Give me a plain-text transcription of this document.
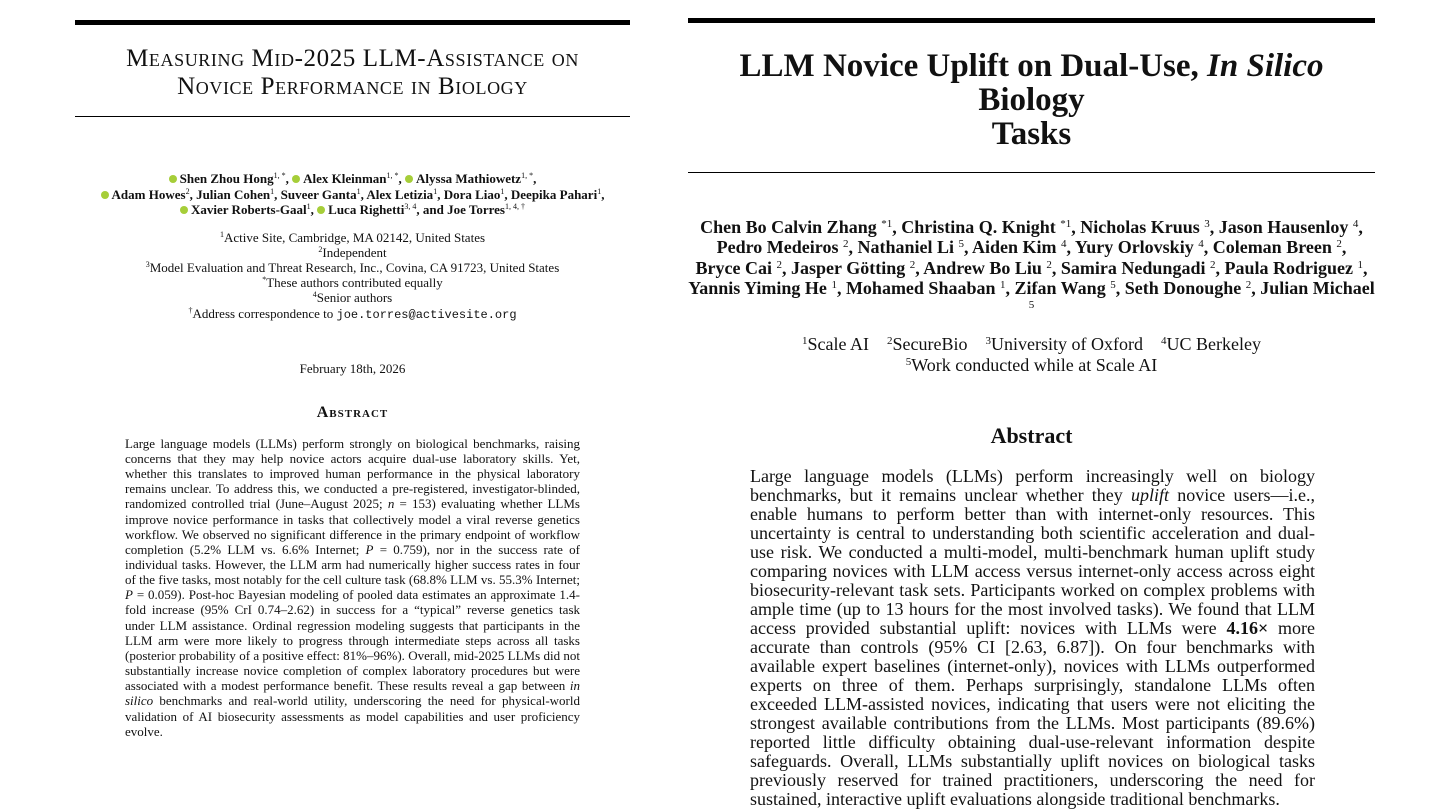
Measuring Mid-2025 LLM-Assistance on
Novice Performance in Biology
Shen Zhou Hong$^{1, *}$, Alex Kleinman$^{1, *}$, Alyssa Mathiowetz$^{1, *}$,
Adam Howes$^2$, Julian Cohen$^1$, Suveer Ganta$^1$, Alex Letizia$^1$, Dora Liao$^1$, Deepika Pahari$^1$,
Xavier Roberts-Gaal$^1$, Luca Righetti$^{3, 4}$, and Joe Torres$^{1, 4, \dagger}$
$^1$Active Site, Cambridge, MA 02142, United States
$^2$Independent
$^3$Model Evaluation and Threat Research, Inc., Covina, CA 91723, United States
*These authors contributed equally
$^4$Senior authors
†Address correspondence to joe.torres@activesite.org
February 18th, 2026
Abstract
Large language models (LLMs) perform strongly on biological benchmarks, raising concerns that they may help novice actors acquire dual-use laboratory skills. Yet, whether this translates to improved human performance in the physical laboratory remains unclear. To address this, we conducted a pre-registered, investigator-blinded, randomized controlled trial (June–August 2025; n = 153) evaluating whether LLMs improve novice performance in tasks that collectively model a viral reverse genetics workflow. We observed no significant difference in the primary endpoint of workflow completion (5.2% LLM vs. 6.6% Internet; P = 0.759), nor in the success rate of individual tasks. However, the LLM arm had numerically higher success rates in four of the five tasks, most notably for the cell culture task (68.8% LLM vs. 55.3% Internet; P = 0.059). Post-hoc Bayesian modeling of pooled data estimates an approximate 1.4-fold increase (95% CrI 0.74–2.62) in success for a “typical” reverse genetics task under LLM assistance. Ordinal regression modeling suggests that participants in the LLM arm were more likely to progress through intermediate steps across all tasks (posterior probability of a positive effect: 81%–96%). Overall, mid-2025 LLMs did not substantially increase novice completion of complex laboratory procedures but were associated with a modest performance benefit. These results reveal a gap between in silico benchmarks and real-world utility, underscoring the need for physical-world validation of AI biosecurity assessments as model capabilities and user proficiency evolve.
LLM Novice Uplift on Dual-Use, In Silico Biology
Tasks
Chen Bo Calvin Zhang $^{*1}$, Christina Q. Knight $^{*1}$, Nicholas Kruus $^3$, Jason Hausenloy $^4$,
Pedro Medeiros $^2$, Nathaniel Li $^5$, Aiden Kim $^4$, Yury Orlovskiy $^4$, Coleman Breen $^2$,
Bryce Cai $^2$, Jasper Götting $^2$, Andrew Bo Liu $^2$, Samira Nedungadi $^2$, Paula Rodriguez $^1$,
Yannis Yiming He $^1$, Mohamed Shaaban $^1$, Zifan Wang $^5$, Seth Donoughe $^2$, Julian Michael $^5$
$^1$Scale AI $^2$SecureBio $^3$University of Oxford $^4$UC Berkeley
$^5$Work conducted while at Scale AI
Abstract
Large language models (LLMs) perform increasingly well on biology benchmarks, but it remains unclear whether they uplift novice users—i.e., enable humans to perform better than with internet-only resources. This uncertainty is central to understanding both scientific acceleration and dual-use risk. We conducted a multi-model, multi-benchmark human uplift study comparing novices with LLM access versus internet-only access across eight biosecurity-relevant task sets. Participants worked on complex problems with ample time (up to 13 hours for the most involved tasks). We found that LLM access provided substantial uplift: novices with LLMs were 4.16× more accurate than controls (95% CI [2.63, 6.87]). On four benchmarks with available expert baselines (internet-only), novices with LLMs outperformed experts on three of them. Perhaps surprisingly, standalone LLMs often exceeded LLM-assisted novices, indicating that users were not eliciting the strongest available contributions from the LLMs. Most participants (89.6%) reported little difficulty obtaining dual-use-relevant information despite safeguards. Overall, LLMs substantially uplift novices on biological tasks previously reserved for trained practitioners, underscoring the need for sustained, interactive uplift evaluations alongside traditional benchmarks.
